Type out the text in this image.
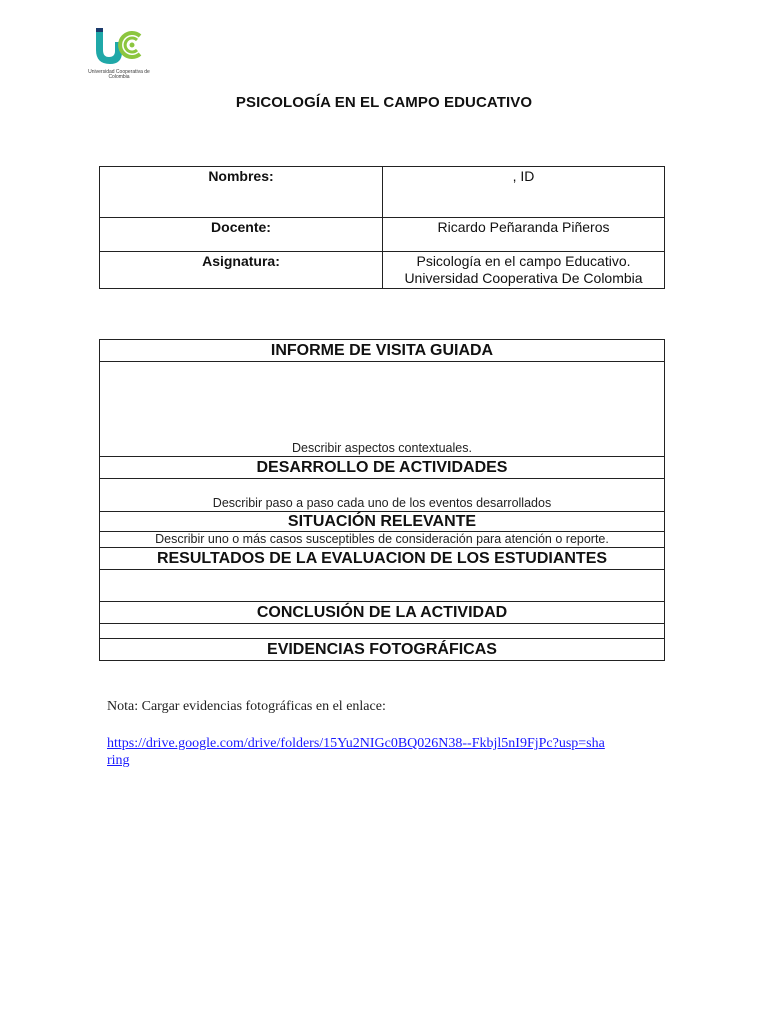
Universidad Cooperativa de Colombia
PSICOLOGÍA EN EL CAMPO EDUCATIVO
Nombres:	, ID
Docente:	Ricardo Peñaranda Piñeros
Asignatura:	Psicología en el campo Educativo.
Universidad Cooperativa De Colombia
INFORME DE VISITA GUIADA
Describir aspectos contextuales.
DESARROLLO DE ACTIVIDADES
Describir paso a paso cada uno de los eventos desarrollados
SITUACIÓN RELEVANTE
Describir uno o más casos susceptibles de consideración para atención o reporte.
RESULTADOS DE LA EVALUACION DE LOS ESTUDIANTES

CONCLUSIÓN DE LA ACTIVIDAD

EVIDENCIAS FOTOGRÁFICAS
Nota: Cargar evidencias fotográficas en el enlace:
https://drive.google.com/drive/folders/15Yu2NIGc0BQ026N38--Fkbjl5nI9FjPc?usp=sharing
